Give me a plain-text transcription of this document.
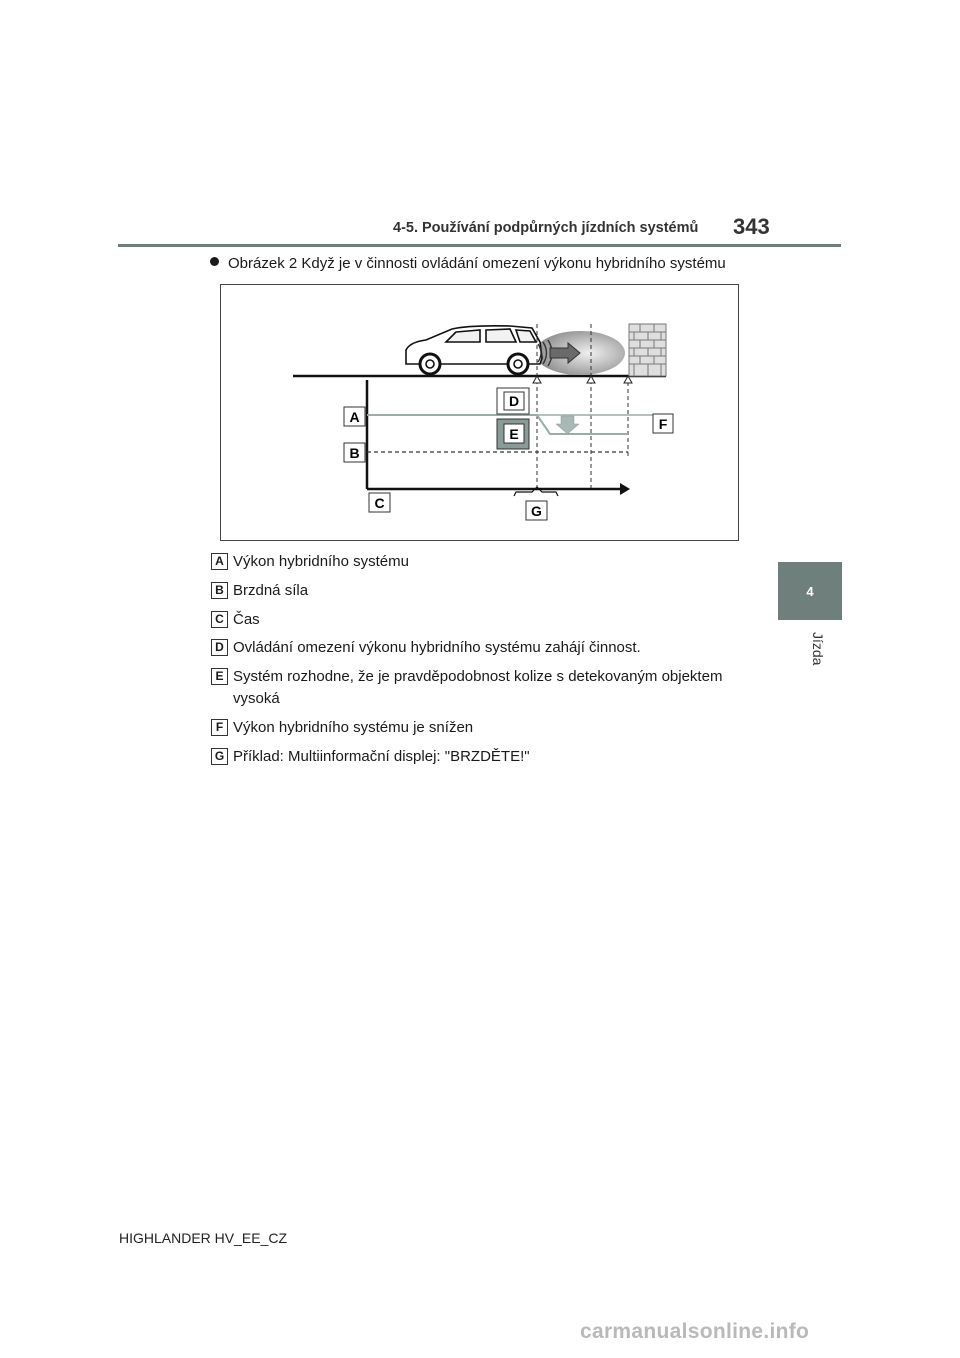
4-5. Používání podpůrných jízdních systémů 343
4
Jízda
Obrázek 2 Když je v činnosti ovládání omezení výkonu hybridního systému
A
B
C
D
E
F
G
A Výkon hybridního systému
B Brzdná síla
C Čas
D Ovládání omezení výkonu hybridního systému zahájí činnost.
E Systém rozhodne, že je pravděpodobnost kolize s detekovaným objektem
vysoká
F Výkon hybridního systému je snížen
G Příklad: Multiinformační displej: "BRZDĚTE!"
HIGHLANDER HV_EE_CZ
carmanualsonline.info
